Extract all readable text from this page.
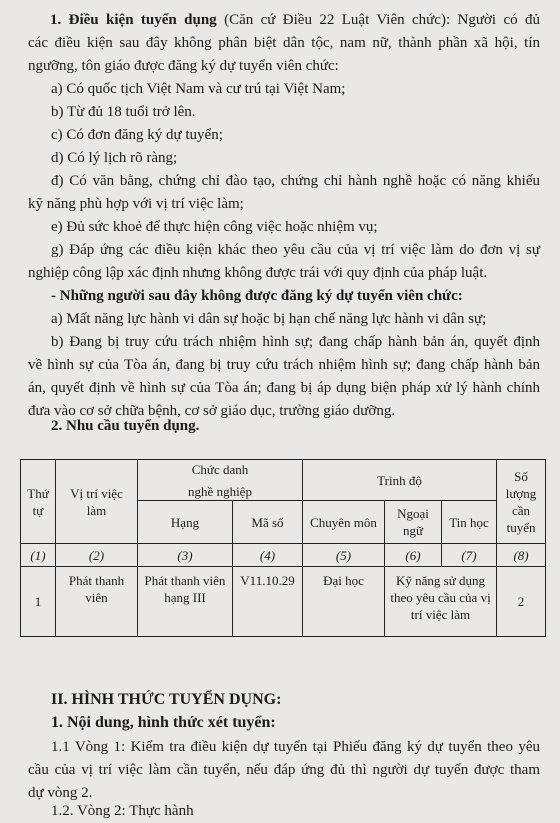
1. Điều kiện tuyển dụng (Căn cứ Điều 22 Luật Viên chức): Người có đủ
các điều kiện sau đây không phân biệt dân tộc, nam nữ, thành phần xã hội, tín
ngưỡng, tôn giáo được đăng ký dự tuyển viên chức:
a) Có quốc tịch Việt Nam và cư trú tại Việt Nam;
b) Từ đủ 18 tuổi trở lên.
c) Có đơn đăng ký dự tuyển;
d) Có lý lịch rõ ràng;
đ) Có văn bằng, chứng chỉ đào tạo, chứng chỉ hành nghề hoặc có năng khiếu
kỹ năng phù hợp với vị trí việc làm;
e) Đủ sức khoẻ để thực hiện công việc hoặc nhiệm vụ;
g) Đáp ứng các điều kiện khác theo yêu cầu của vị trí việc làm do đơn vị sự
nghiệp công lập xác định nhưng không được trái với quy định của pháp luật.
- Những người sau đây không được đăng ký dự tuyển viên chức:
a) Mất năng lực hành vi dân sự hoặc bị hạn chế năng lực hành vi dân sự;
b) Đang bị truy cứu trách nhiệm hình sự; đang chấp hành bản án, quyết định
về hình sự của Tòa án, đang bị truy cứu trách nhiệm hình sự; đang chấp hành bản
án, quyết định về hình sự của Tòa án; đang bị áp dụng biện pháp xử lý hành chính
đưa vào cơ sở chữa bệnh, cơ sở giáo dục, trường giáo dưỡng.
2. Nhu cầu tuyển dụng.
Thứ tự	Vị trí việc làm	Chức danh
nghề nghiệp		Trình độ			Số lượng cần tuyển
		Hạng	Mã số	Chuyên môn	Ngoại ngữ	Tin học	
(1)	(2)	(3)	(4)	(5)	(6)	(7)	(8)
1	Phát thanh viên	Phát thanh viên hạng III	V11.10.29	Đại học	Kỹ năng sử dụng theo yêu cầu của vị trí việc làm		2
II. HÌNH THỨC TUYỂN DỤNG:
1. Nội dung, hình thức xét tuyển:
1.1 Vòng 1: Kiểm tra điều kiện dự tuyển tại Phiếu đăng ký dự tuyển theo yêu
cầu của vị trí việc làm cần tuyển, nếu đáp ứng đủ thì người dự tuyển được tham
dự vòng 2.
1.2. Vòng 2: Thực hành
